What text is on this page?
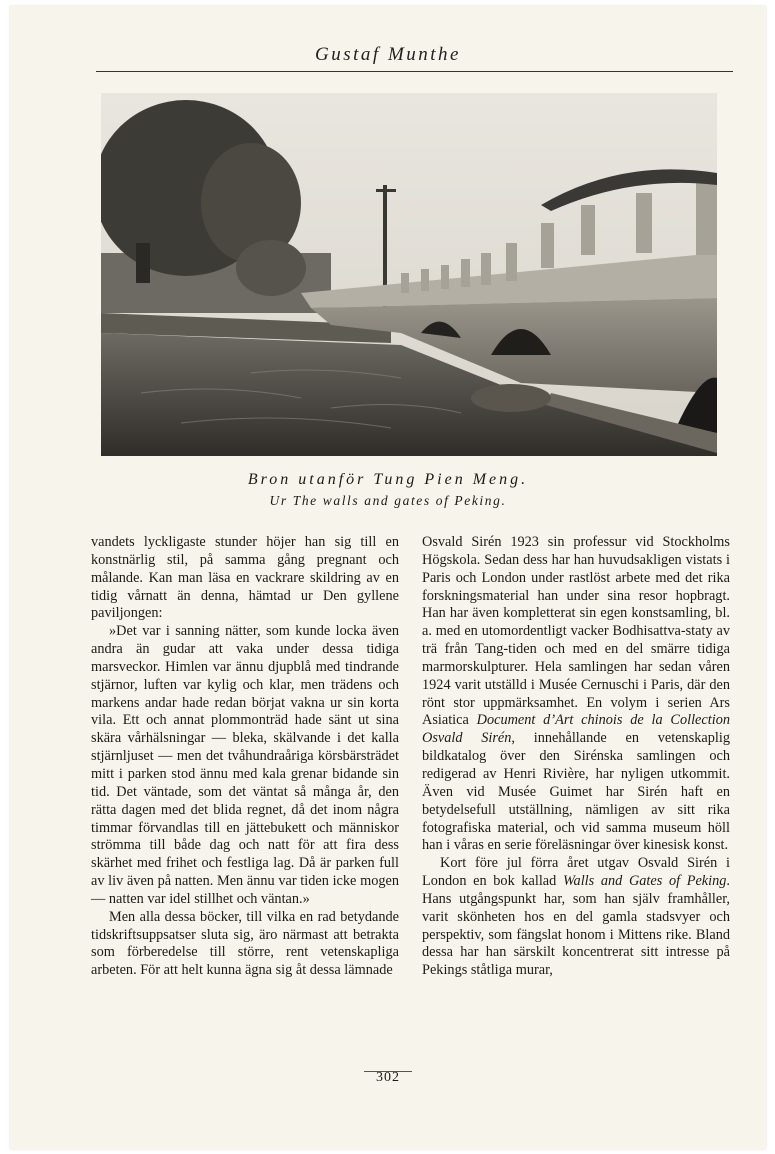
Gustaf Munthe
Bron utanför Tung Pien Meng.
Ur The walls and gates of Peking.

vandets lyckligaste stunder höjer han sig till en konstnärlig stil, på samma gång pregnant och målande. Kan man läsa en vackrare skildring av en tidig vårnatt än denna, hämtad ur Den gyllene paviljongen:

»Det var i sanning nätter, som kunde locka även andra än gudar att vaka under dessa tidiga marsveckor. Himlen var ännu djupblå med tindrande stjärnor, luften var kylig och klar, men trädens och markens andar hade redan börjat vakna ur sin korta vila. Ett och annat plommonträd hade sänt ut sina skära vårhälsningar — bleka, skälvande i det kalla stjärnljuset — men det tvåhundraåriga körsbärsträdet mitt i parken stod ännu med kala grenar bidande sin tid. Det väntade, som det väntat så många år, den rätta dagen med det blida regnet, då det inom några timmar förvandlas till en jättebukett och människor strömma till både dag och natt för att fira dess skärhet med frihet och festliga lag. Då är parken full av liv även på natten. Men ännu var tiden icke mogen — natten var idel stillhet och väntan.»

Men alla dessa böcker, till vilka en rad betydande tidskriftsuppsatser sluta sig, äro närmast att betrakta som förberedelse till större, rent vetenskapliga arbeten. För att helt kunna ägna sig åt dessa lämnade

Osvald Sirén 1923 sin professur vid Stockholms Högskola. Sedan dess har han huvudsakligen vistats i Paris och London under rastlöst arbete med det rika forskningsmaterial han under sina resor hopbragt. Han har även kompletterat sin egen konstsamling, bl. a. med en utomordentligt vacker Bodhisattva-staty av trä från Tang-tiden och med en del smärre tidiga marmorskulpturer. Hela samlingen har sedan våren 1924 varit utställd i Musée Cernuschi i Paris, där den rönt stor uppmärksamhet. En volym i serien Ars Asiatica Document d’Art chinois de la Collection Osvald Sirén, innehållande en vetenskaplig bildkatalog över den Sirénska samlingen och redigerad av Henri Rivière, har nyligen utkommit. Även vid Musée Guimet har Sirén haft en betydelsefull utställning, nämligen av sitt rika fotografiska material, och vid samma museum höll han i våras en serie föreläsningar över kinesisk konst.

Kort före jul förra året utgav Osvald Sirén i London en bok kallad Walls and Gates of Peking. Hans utgångspunkt har, som han själv framhåller, varit skönheten hos en del gamla stadsvyer och perspektiv, som fängslat honom i Mittens rike. Bland dessa har han särskilt koncentrerat sitt intresse på Pekings ståtliga murar,

302
